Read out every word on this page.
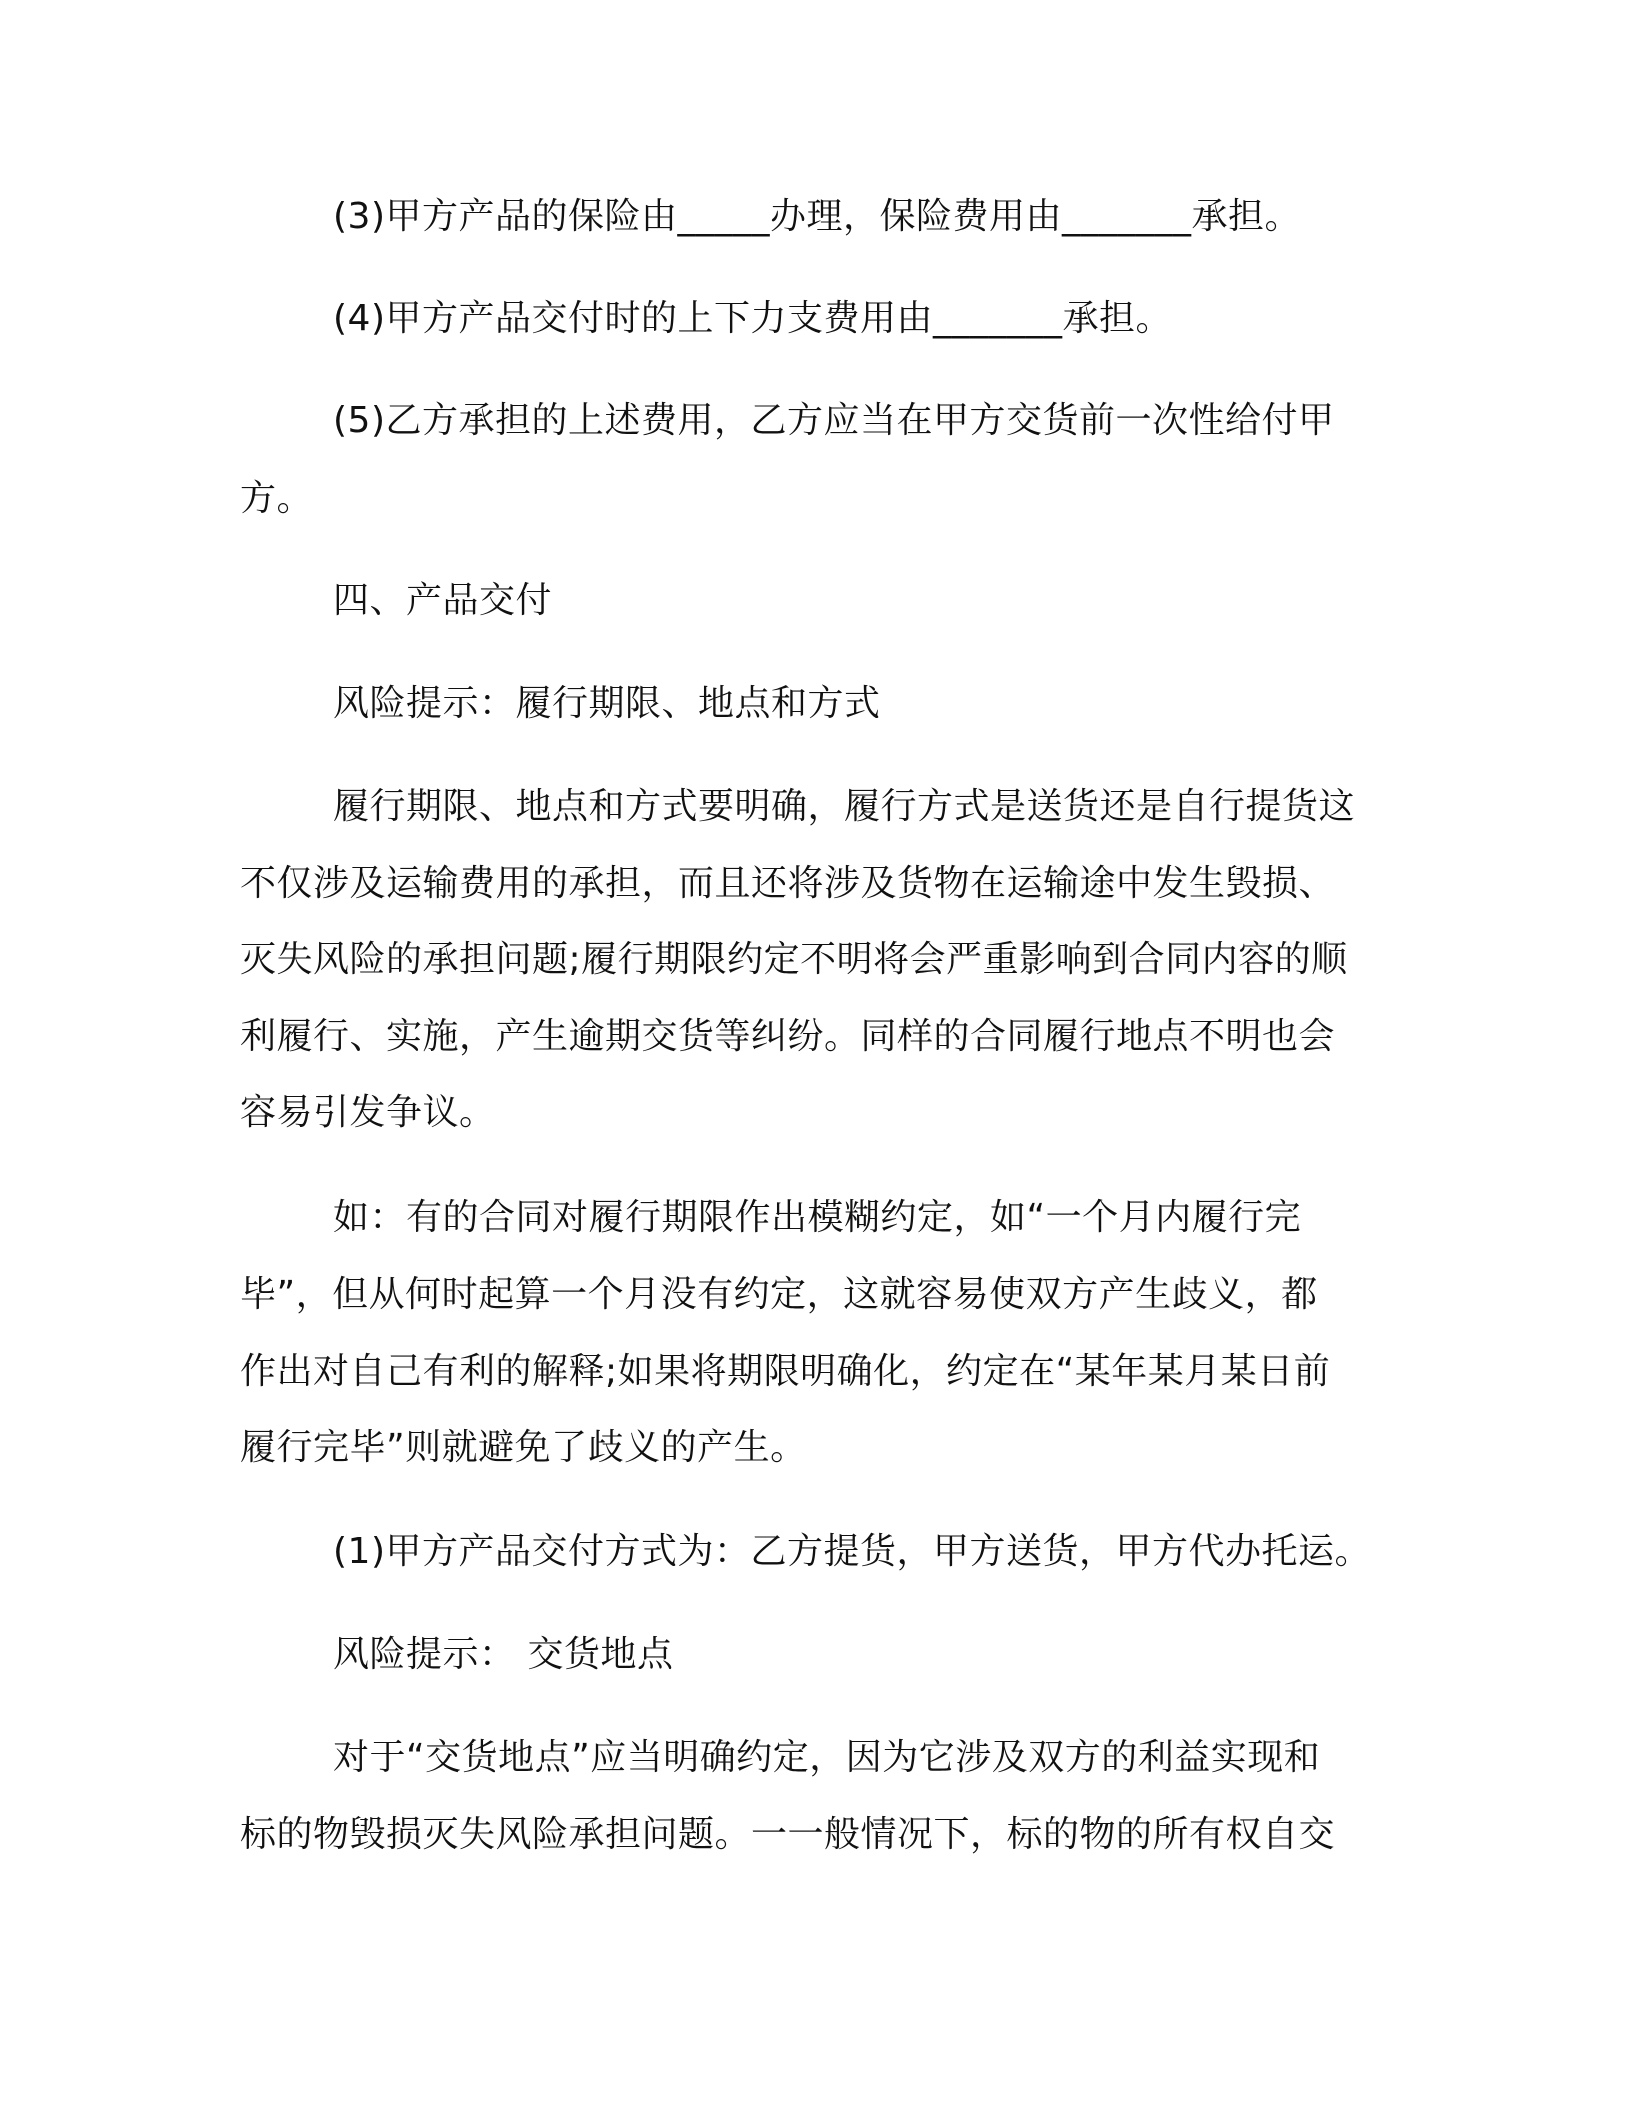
(3)甲方产品的保险由_____办理，保险费用由_______承担。
(4)甲方产品交付时的上下力支费用由_______承担。
(5)乙方承担的上述费用，乙方应当在甲方交货前一次性给付甲
方。
四、产品交付
风险提示：履行期限、地点和方式
履行期限、地点和方式要明确，履行方式是送货还是自行提货这
不仅涉及运输费用的承担，而且还将涉及货物在运输途中发生毁损、
灭失风险的承担问题;履行期限约定不明将会严重影响到合同内容的顺
利履行、实施，产生逾期交货等纠纷。同样的合同履行地点不明也会
容易引发争议。
如：有的合同对履行期限作出模糊约定，如“一个月内履行完
毕”，但从何时起算一个月没有约定，这就容易使双方产生歧义，都
作出对自己有利的解释;如果将期限明确化，约定在“某年某月某日前
履行完毕”则就避免了歧义的产生。
(1)甲方产品交付方式为：乙方提货，甲方送货，甲方代办托运。
风险提示： 交货地点
对于“交货地点”应当明确约定，因为它涉及双方的利益实现和
标的物毁损灭失风险承担问题。一一般情况下，标的物的所有权自交
